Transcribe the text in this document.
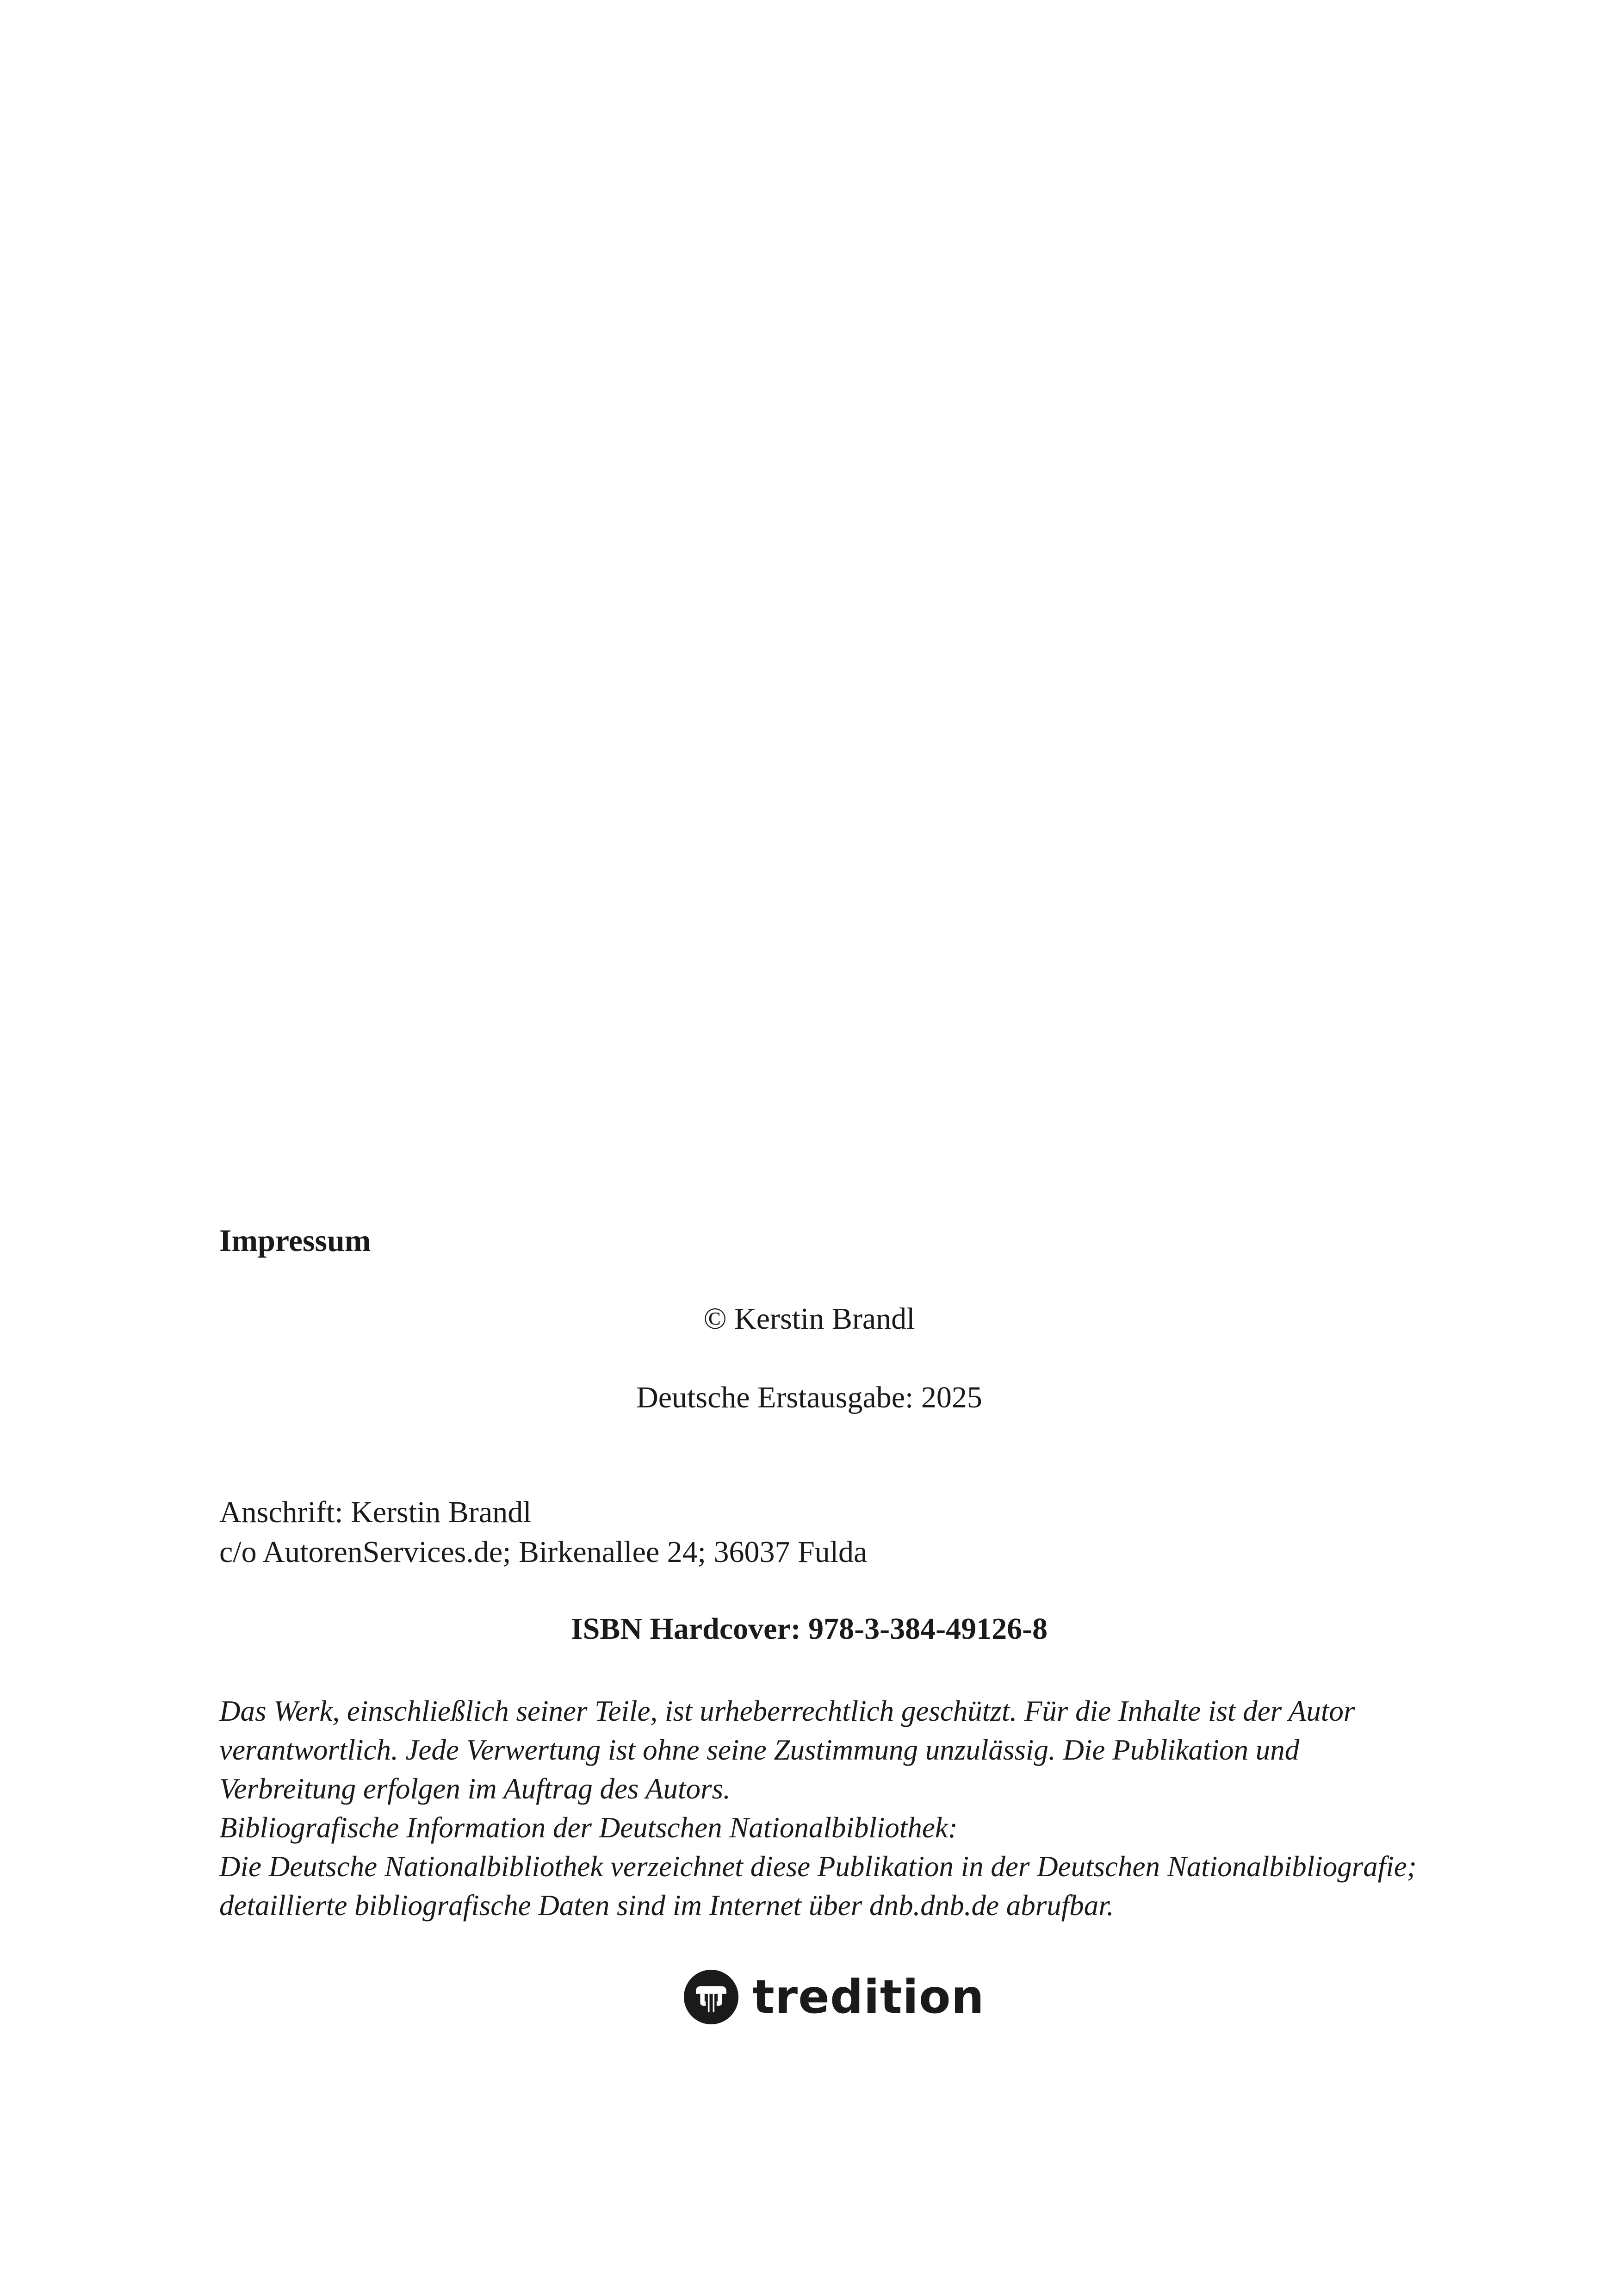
Impressum
© Kerstin Brandl
Deutsche Erstausgabe: 2025
Anschrift: Kerstin Brandl
c/o AutorenServices.de; Birkenallee 24; 36037 Fulda
ISBN Hardcover: 978-3-384-49126-8
Das Werk, einschließlich seiner Teile, ist urheberrechtlich geschützt. Für die Inhalte ist der Autor
verantwortlich. Jede Verwertung ist ohne seine Zustimmung unzulässig. Die Publikation und
Verbreitung erfolgen im Auftrag des Autors.
Bibliografische Information der Deutschen Nationalbibliothek:
Die Deutsche Nationalbibliothek verzeichnet diese Publikation in der Deutschen Nationalbibliografie;
detaillierte bibliografische Daten sind im Internet über dnb.dnb.de abrufbar.
tredition
